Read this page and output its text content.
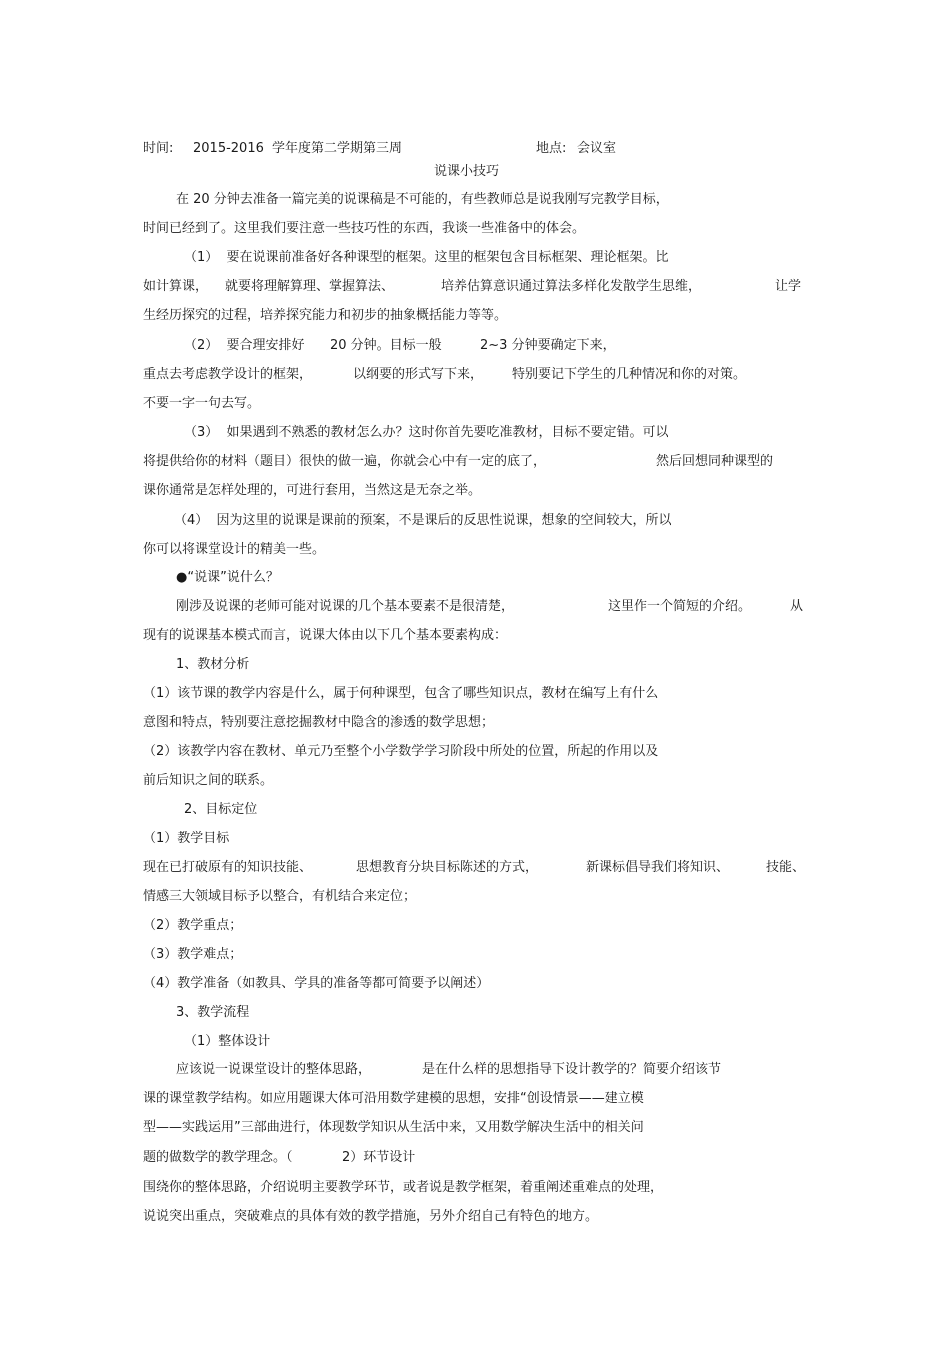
时间: 2015-2016 学年度第二学期第三周	地点: 会议室
说课小技巧
在 20 分钟去准备一篇完美的说课稿是不可能的，有些教师总是说我刚写完教学目标，
时间已经到了。这里我们要注意一些技巧性的东西，我谈一些准备中的体会。
（1）  要在说课前准备好各种课型的框架。这里的框架包含目标框架、理论框架。比
如计算课， 就要将理解算理、掌握算法、	培养估算意识通过算法多样化发散学生思维，	让学
生经历探究的过程，培养探究能力和初步的抽象概括能力等等。
（2）  要合理安排好 20 分钟。目标一般	2~3 分钟要确定下来，
重点去考虑教学设计的框架，	以纲要的形式写下来， 特别要记下学生的几种情况和你的对策。
不要一字一句去写。
（3）  如果遇到不熟悉的教材怎么办？这时你首先要吃准教材，目标不要定错。可以
将提供给你的材料（题目）很快的做一遍，你就会心中有一定的底了，	然后回想同种课型的
课你通常是怎样处理的，可进行套用，当然这是无奈之举。
（4）  因为这里的说课是课前的预案，不是课后的反思性说课，想象的空间较大，所以
你可以将课堂设计的精美一些。
●“说课”说什么？
刚涉及说课的老师可能对说课的几个基本要素不是很清楚，	这里作一个简短的介绍。	从
现有的说课基本模式而言，说课大体由以下几个基本要素构成：
1、教材分析
（1）该节课的教学内容是什么，属于何种课型，包含了哪些知识点，教材在编写上有什么
意图和特点，特别要注意挖掘教材中隐含的渗透的数学思想；
（2）该教学内容在教材、单元乃至整个小学数学学习阶段中所处的位置，所起的作用以及
前后知识之间的联系。
2、目标定位
（1）教学目标
现在已打破原有的知识技能、	思想教育分块目标陈述的方式，	新课标倡导我们将知识、	技能、
情感三大领域目标予以整合，有机结合来定位；
（2）教学重点；
（3）教学难点；
（4）教学准备（如教具、学具的准备等都可简要予以阐述）
3、教学流程
（1）整体设计
应该说一说课堂设计的整体思路，	是在什么样的思想指导下设计教学的？简要介绍该节
课的课堂教学结构。如应用题课大体可沿用数学建模的思想，安排“创设情景——建立模
型——实践运用”三部曲进行，体现数学知识从生活中来，又用数学解决生活中的相关问
题的做数学的教学理念。（	2）环节设计
围绕你的整体思路，介绍说明主要教学环节，或者说是教学框架，着重阐述重难点的处理，
说说突出重点，突破难点的具体有效的教学措施，另外介绍自己有特色的地方。
